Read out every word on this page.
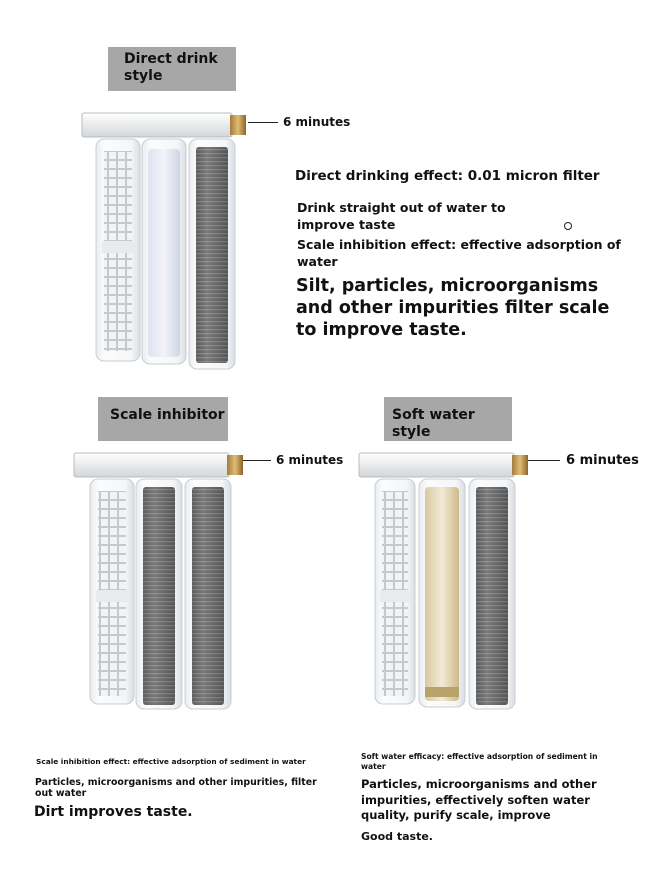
Direct drink style
6 minutes
Direct drinking effect: 0.01 micron filter
Drink straight out of water to improve taste
Scale inhibition effect: effective adsorption of water
Silt, particles, microorganisms and other impurities filter scale to improve taste.
Scale inhibitor
6 minutes
Scale inhibition effect: effective adsorption of sediment in water
Particles, microorganisms and other impurities, filter out water
Dirt improves taste.
Soft water style
6 minutes
Soft water efficacy: effective adsorption of sediment in water
Particles, microorganisms and other impurities, effectively soften water quality, purify scale, improve
Good taste.
